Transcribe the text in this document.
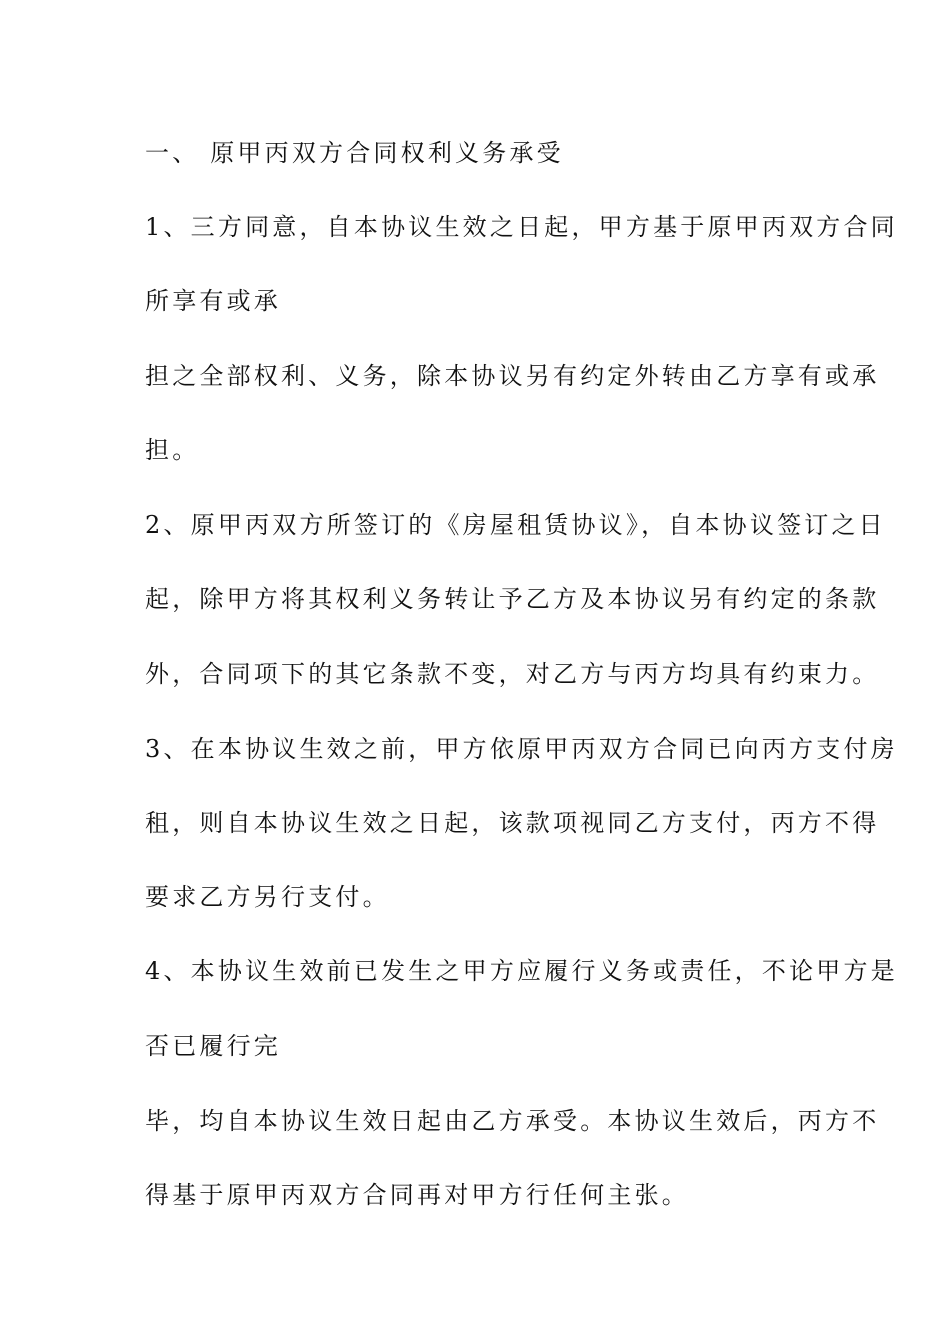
一、 原甲丙双方合同权利义务承受
1、三方同意，自本协议生效之日起，甲方基于原甲丙双方合同
所享有或承
担之全部权利、义务，除本协议另有约定外转由乙方享有或承
担。
2、原甲丙双方所签订的《房屋租赁协议》，自本协议签订之日
起，除甲方将其权利义务转让予乙方及本协议另有约定的条款
外，合同项下的其它条款不变，对乙方与丙方均具有约束力。
3、在本协议生效之前，甲方依原甲丙双方合同已向丙方支付房
租，则自本协议生效之日起，该款项视同乙方支付，丙方不得
要求乙方另行支付。
4、本协议生效前已发生之甲方应履行义务或责任，不论甲方是
否已履行完
毕，均自本协议生效日起由乙方承受。本协议生效后，丙方不
得基于原甲丙双方合同再对甲方行任何主张。
